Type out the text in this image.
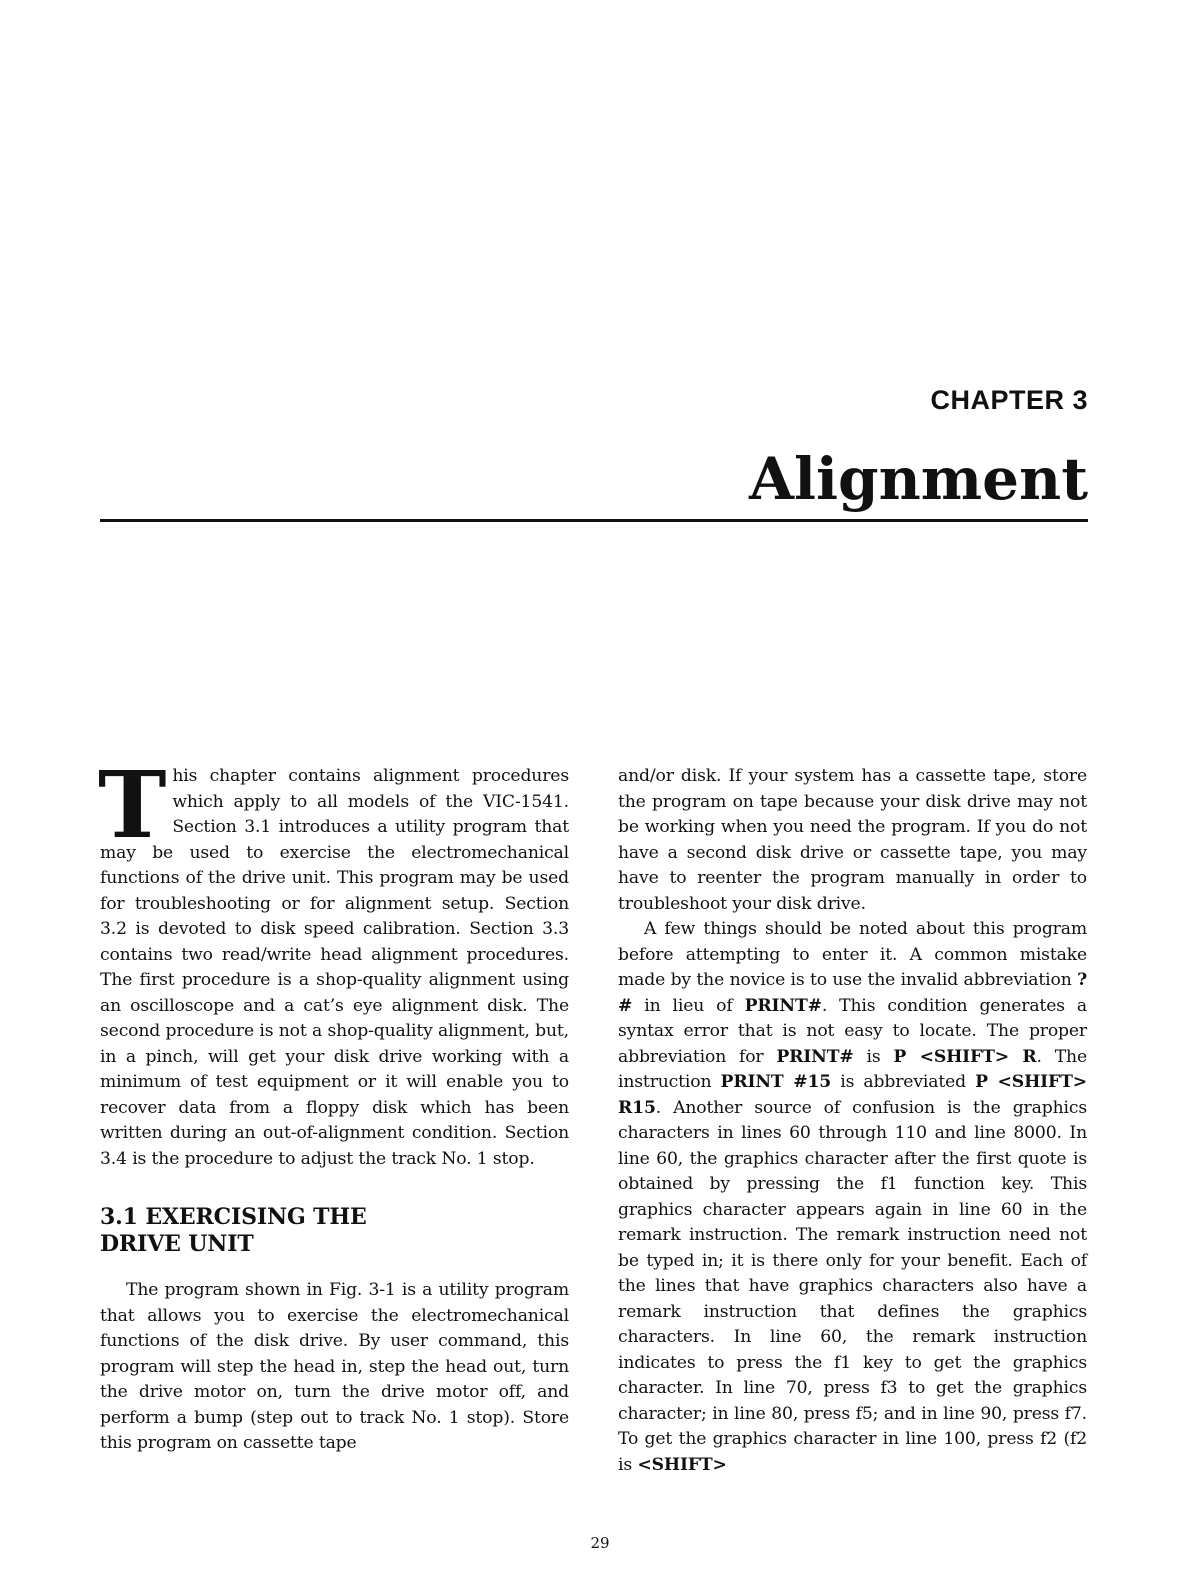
CHAPTER 3
Alignment

This chapter contains alignment procedures which apply to all models of the VIC-1541. Section 3.1 introduces a utility program that may be used to exercise the electromechanical functions of the drive unit. This program may be used for troubleshooting or for alignment setup. Section 3.2 is devoted to disk speed calibration. Section 3.3 contains two read/write head alignment procedures. The first procedure is a shop-quality alignment using an oscilloscope and a cat’s eye alignment disk. The second procedure is not a shop-quality alignment, but, in a pinch, will get your disk drive working with a minimum of test equipment or it will enable you to recover data from a floppy disk which has been written during an out-of-alignment condition. Section 3.4 is the procedure to adjust the track No. 1 stop.

3.1 EXERCISING THE
DRIVE UNIT

The program shown in Fig. 3-1 is a utility program that allows you to exercise the electromechanical functions of the disk drive. By user command, this program will step the head in, step the head out, turn the drive motor on, turn the drive motor off, and perform a bump (step out to track No. 1 stop). Store this program on cassette tape

and/or disk. If your system has a cassette tape, store the program on tape because your disk drive may not be working when you need the program. If you do not have a second disk drive or cassette tape, you may have to reenter the program manually in order to troubleshoot your disk drive.

A few things should be noted about this program before attempting to enter it. A common mistake made by the novice is to use the invalid abbreviation ?# in lieu of PRINT#. This condition generates a syntax error that is not easy to locate. The proper abbreviation for PRINT# is P <SHIFT> R. The instruction PRINT #15 is abbreviated P <SHIFT> R15. Another source of confusion is the graphics characters in lines 60 through 110 and line 8000. In line 60, the graphics character after the first quote is obtained by pressing the f1 function key. This graphics character appears again in line 60 in the remark instruction. The remark instruction need not be typed in; it is there only for your benefit. Each of the lines that have graphics characters also have a remark instruction that defines the graphics characters. In line 60, the remark instruction indicates to press the f1 key to get the graphics character. In line 70, press f3 to get the graphics character; in line 80, press f5; and in line 90, press f7. To get the graphics character in line 100, press f2 (f2 is <SHIFT>

29
